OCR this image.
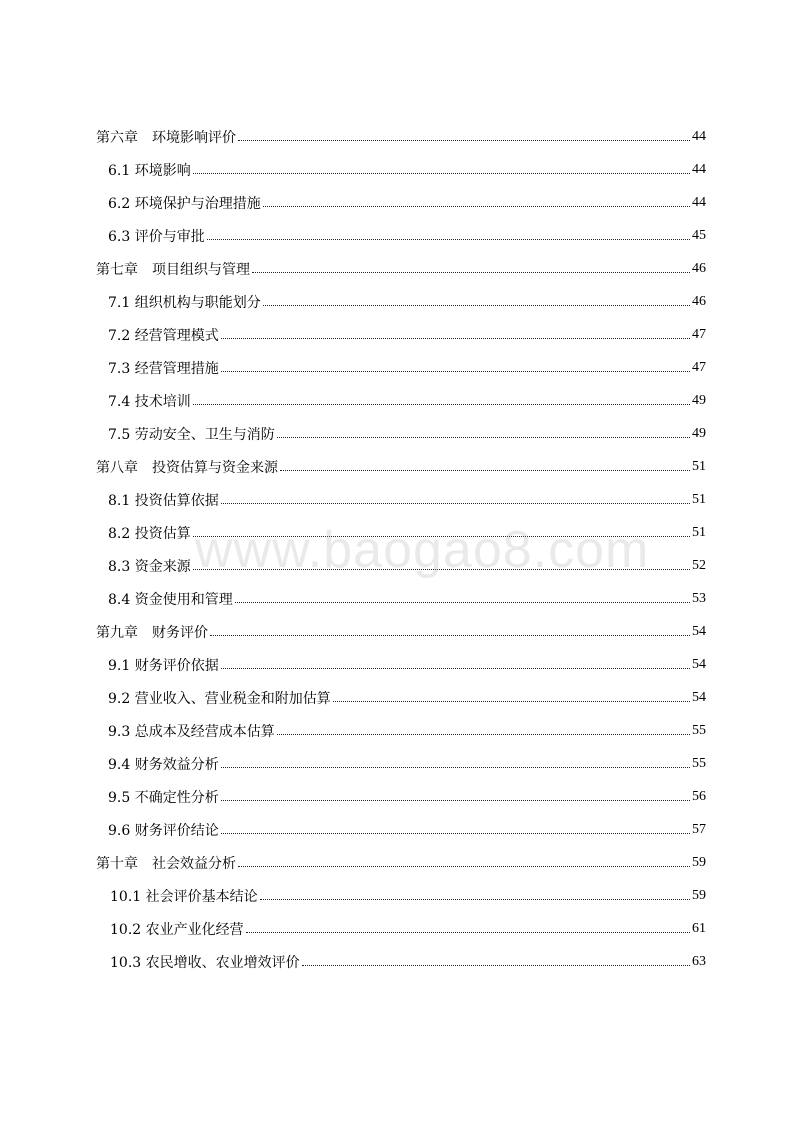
第六章　环境影响评价	44
6.1 环境影响	44
6.2 环境保护与治理措施	44
6.3 评价与审批	45
第七章　项目组织与管理	46
7.1 组织机构与职能划分	46
7.2 经营管理模式	47
7.3 经营管理措施	47
7.4 技术培训	49
7.5 劳动安全、卫生与消防	49
第八章　投资估算与资金来源	51
8.1 投资估算依据	51
8.2 投资估算	51
8.3 资金来源	52
8.4 资金使用和管理	53
第九章　财务评价	54
9.1 财务评价依据	54
9.2 营业收入、营业税金和附加估算	54
9.3 总成本及经营成本估算	55
9.4 财务效益分析	55
9.5 不确定性分析	56
9.6 财务评价结论	57
第十章　社会效益分析	59
10.1 社会评价基本结论	59
10.2 农业产业化经营	61
10.3 农民增收、农业增效评价	63
www.baogao8.com
